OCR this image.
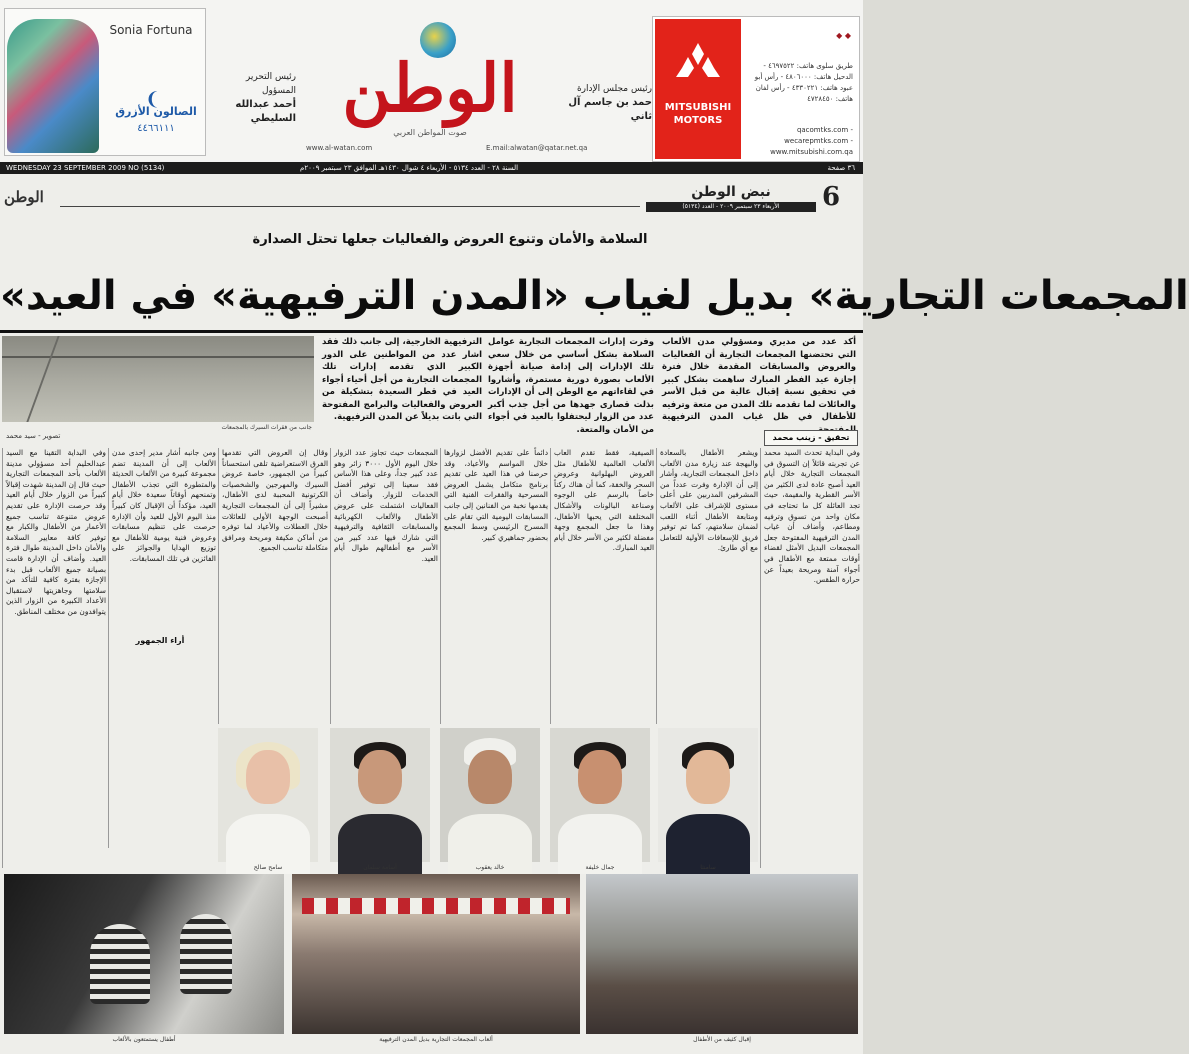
Sonia Fortuna
❨
الصالون الأزرق
٤٤٦٦١١١
رئيس التحرير المسؤول
أحمد عبدالله السليطي الوطن
صوت المواطن العربي
رئيس مجلس الإدارة
حمد بن جاسم آل ثاني
www.al-watan.com	E.mail:alwatan@qatar.net.qa
MITSUBISHI MOTORS
◆ ◆
طريق سلوى هاتف: ٤٦٩٧٥٢٢ - الدحيل هاتف: ٤٨٠٦٠٠٠ - رأس أبو عبود هاتف: ٤٣٣٠٢٢١ - رأس لفان هاتف: ٤٧٢٨٤٥٠
qacomtks.com - wecarepmtks.com - www.mitsubishi.com.qa
WEDNESDAY 23 SEPTEMBER 2009 NO (5134)	السنة ٢٨ - العدد ٥١٣٤ - الأربعاء ٤ شوال ١٤٣٠هـ الموافق ٢٣ سبتمبر ٢٠٠٩م	٣٦ صفحة
الوطن	نبض الوطن
الأربعاء ٢٣ سبتمبر ٢٠٠٩ - العدد (٥١٣٤)	6
السلامة والأمان وتنوع العروض والفعاليات جعلها تحتل الصدارة
«المجمعات التجارية» بديل لغياب «المدن الترفيهية» في العيد
جانب من فقرات السيرك بالمجمعات
أكد عدد من مديري ومسؤولي مدن الألعاب التي تحتضنها المجمعات التجارية أن الفعاليات والعروض والمسابقات المقدمة خلال فترة إجازة عيد الفطر المبارك ساهمت بشكل كبير في تحقيق نسبة إقبال عالية من قبل الأسر والعائلات لما تقدمه تلك المدن من متعة وترفيه للأطفال في ظل غياب المدن الترفيهية
وفرت إدارات المجمعات التجارية عوامل السلامة بشكل أساسي من خلال سعي تلك الإدارات إلى إدامة صيانة أجهزة الألعاب بصورة دورية مستمرة، وأشاروا في لقاءاتهم مع الوطن إلى أن الإدارات بذلت قصارى جهدها من أجل جذب أكبر عدد من الزوار ليحتفلوا بالعيد في أجواء من الأمان والمتعة.
الترفيهية الخارجية، إلى جانب ذلك فقد اشار عدد من المواطنين على الدور الكبير الذي تقدمه إدارات تلك المجمعات التجارية من أجل أحياء أجواء العيد في قطر السعيدة بتشكيلة من العروض والفعاليات والبرامج المفتوحة التي باتت بديلاً عن المدن الترفيهية.
تحقيق - زينب محمد
تصوير - سيد محمد
وفي البداية تحدث السيد محمد عن تجربته قائلاً إن التسوق في المجمعات التجارية خلال أيام العيد أصبح عادة لدى الكثير من الأسر القطرية والمقيمة، حيث تجد العائلة كل ما تحتاجه في مكان واحد من تسوق وترفيه ومطاعم، وأضاف أن غياب المدن الترفيهية المفتوحة جعل المجمعات البديل الأمثل لقضاء أوقات ممتعة مع الأطفال في أجواء آمنة ومريحة بعيداً عن حرارة الطقس.
ويشعر الأطفال بالسعادة والبهجة عند زيارة مدن الألعاب داخل المجمعات التجارية، وأشار إلى أن الإدارة وفرت عدداً من المشرفين المدربين على أعلى مستوى للإشراف على الألعاب ومتابعة الأطفال أثناء اللعب لضمان سلامتهم، كما تم توفير فريق للإسعافات الأولية للتعامل مع أي طارئ.
الصيفية، فقط تقدم العاب الألعاب العالمية للأطفال مثل العروض البهلوانية وعروض السحر والخفة، كما أن هناك ركناً خاصاً بالرسم على الوجوه وصناعة البالونات والأشكال المختلفة التي يحبها الأطفال، وهذا ما جعل المجمع وجهة مفضلة لكثير من الأسر خلال أيام العيد المبارك.
دائماً على تقديم الأفضل لزوارها خلال المواسم والأعياد، وقد حرصنا في هذا العيد على تقديم برنامج متكامل يشمل العروض المسرحية والفقرات الفنية التي يقدمها نخبة من الفنانين إلى جانب المسابقات اليومية التي تقام على المسرح الرئيسي وسط المجمع بحضور جماهيري كبير.
المجمعات حيث تجاوز عدد الزوار خلال اليوم الأول ٣٠٠٠ زائر وهو عدد كبير جداً، وعلى هذا الأساس فقد سعينا إلى توفير أفضل الخدمات للزوار. وأضاف أن الفعاليات اشتملت على عروض الأطفال والألعاب الكهربائية والمسابقات الثقافية والترفيهية التي شارك فيها عدد كبير من الأسر مع أطفالهم طوال أيام العيد.
وقال إن العروض التي تقدمها الفرق الاستعراضية تلقى استحساناً كبيراً من الجمهور، خاصة عروض السيرك والمهرجين والشخصيات الكرتونية المحببة لدى الأطفال، مشيراً إلى أن المجمعات التجارية أصبحت الوجهة الأولى للعائلات خلال العطلات والأعياد لما توفره من أماكن مكيفة ومريحة ومرافق متكاملة تناسب الجميع.
ومن جانبه أشار مدير إحدى مدن الألعاب إلى أن المدينة تضم مجموعة كبيرة من الألعاب الحديثة والمتطورة التي تجذب الأطفال وتمنحهم أوقاتاً سعيدة خلال أيام العيد، مؤكداً أن الإقبال كان كبيراً منذ اليوم الأول للعيد وأن الإدارة حرصت على تنظيم مسابقات وعروض فنية يومية للأطفال مع توزيع الهدايا والجوائز على الفائزين في تلك المسابقات.
وفي البداية التقينا مع السيد عبدالحليم أحد مسؤولي مدينة الألعاب بأحد المجمعات التجارية حيث قال إن المدينة شهدت إقبالاً كبيراً من الزوار خلال أيام العيد وقد حرصت الإدارة على تقديم عروض متنوعة تناسب جميع الأعمار من الأطفال والكبار مع توفير كافة معايير السلامة والأمان داخل المدينة طوال فترة العيد. وأضاف أن الإدارة قامت بصيانة جميع الألعاب قبل بدء الإجازة بفترة كافية للتأكد من سلامتها وجاهزيتها لاستقبال الأعداد الكبيرة من الزوار الذين يتوافدون من مختلف المناطق.
أراء الجمهور
سامنثا
جمال خليفة
خالد يعقوب
أسامة سلمان
سامح صالح
إقبال كثيف من الأطفال
ألعاب المجمعات التجارية بديل المدن الترفيهية
أطفال يستمتعون بالألعاب
